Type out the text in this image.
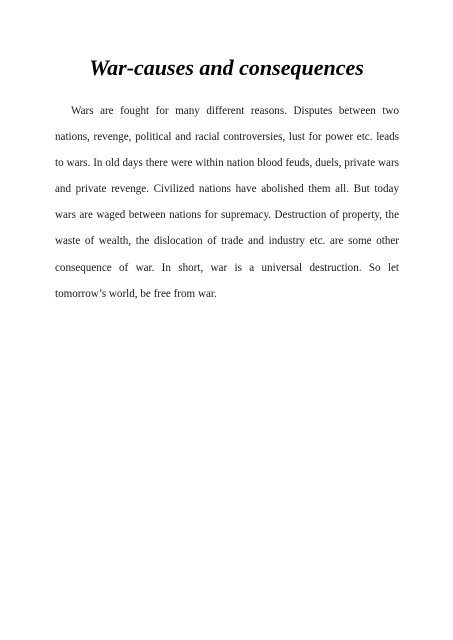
War-causes and consequences

Wars are fought for many different reasons. Disputes between two nations, revenge, political and racial controversies, lust for power etc. leads to wars. In old days there were within nation blood feuds, duels, private wars and private revenge. Civilized nations have abolished them all. But today wars are waged between nations for supremacy. Destruction of property, the waste of wealth, the dislocation of trade and industry etc. are some other consequence of war. In short, war is a universal destruction. So let tomorrow’s world, be free from war.
